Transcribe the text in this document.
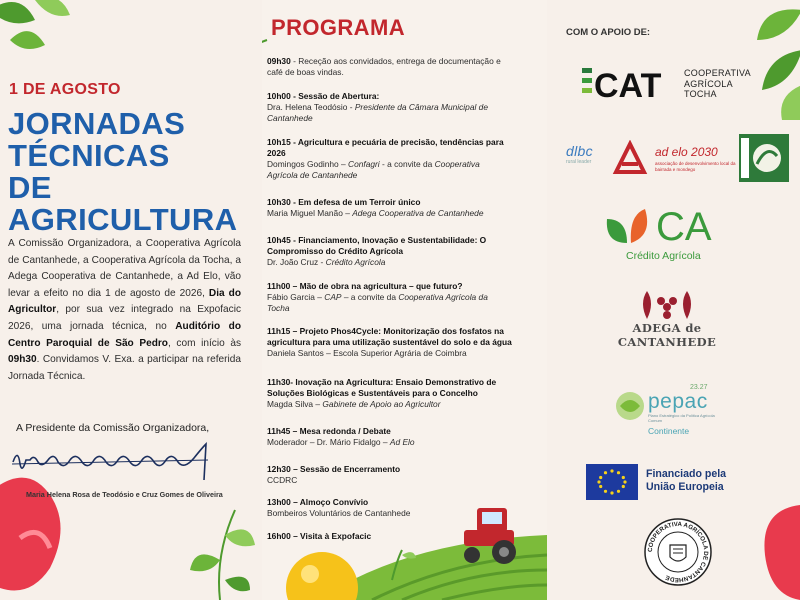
1 DE AGOSTO
JORNADAS
TÉCNICAS
DE AGRICULTURA
A Comissão Organizadora, a Cooperativa Agrícola de Cantanhede, a Cooperativa Agrícola da Tocha, a Adega Cooperativa de Cantanhede, a Ad Elo, vão levar a efeito no dia 1 de agosto de 2026, Dia do Agricultor, por sua vez integrado na Expofacic 2026, uma jornada técnica, no Auditório do Centro Paroquial de São Pedro, com início às 09h30. Convidamos V. Exa. a participar na referida Jornada Técnica.
A Presidente da Comissão Organizadora,
Maria Helena Rosa de Teodósio e Cruz Gomes de Oliveira
PROGRAMA
09h30 - Receção aos convidados, entrega de documentação e
café de boas vindas.
10h00 - Sessão de Abertura:
Dra. Helena Teodósio - Presidente da Câmara Municipal de
Cantanhede
10h15 - Agricultura e pecuária de precisão, tendências para
2026
Domingos Godinho – Confagri - a convite da Cooperativa
Agrícola de Cantanhede
10h30 - Em defesa de um Terroir único
Maria Miguel Manão – Adega Cooperativa de Cantanhede
10h45 - Financiamento, Inovação e Sustentabilidade: O
Compromisso do Crédito Agrícola
Dr. João Cruz - Crédito Agrícola
11h00 – Mão de obra na agricultura – que futuro?
Fábio Garcia – CAP – a convite da Cooperativa Agrícola da
Tocha
11h15 – Projeto Phos4Cycle: Monitorização dos fosfatos na
agricultura para uma utilização sustentável do solo e da água
Daniela Santos – Escola Superior Agrária de Coimbra
11h30- Inovação na Agricultura: Ensaio Demonstrativo de
Soluções Biológicas e Sustentáveis para o Concelho
Magda Silva – Gabinete de Apoio ao Agricultor
11h45 – Mesa redonda / Debate
Moderador – Dr. Mário Fidalgo – Ad Elo
12h30 – Sessão de Encerramento
CCDRC
13h00 – Almoço Convívio
Bombeiros Voluntários de Cantanhede
16h00 – Visita à Expofacic
COM O APOIO DE:
CAT	COOPERATIVA
AGRÍCOLA
TOCHA
dlbc
rural leader
ad elo 2030
associação de desenvolvimento local da bairrada e mondego
CA
Crédito Agrícola
ADEGA de
CANTANHEDE
23.27
pepac
Plano Estratégico da Política Agrícola Comum
Continente
Financiado pela
União Europeia
COOPERATIVA AGRÍCOLA DE CANTANHEDE
